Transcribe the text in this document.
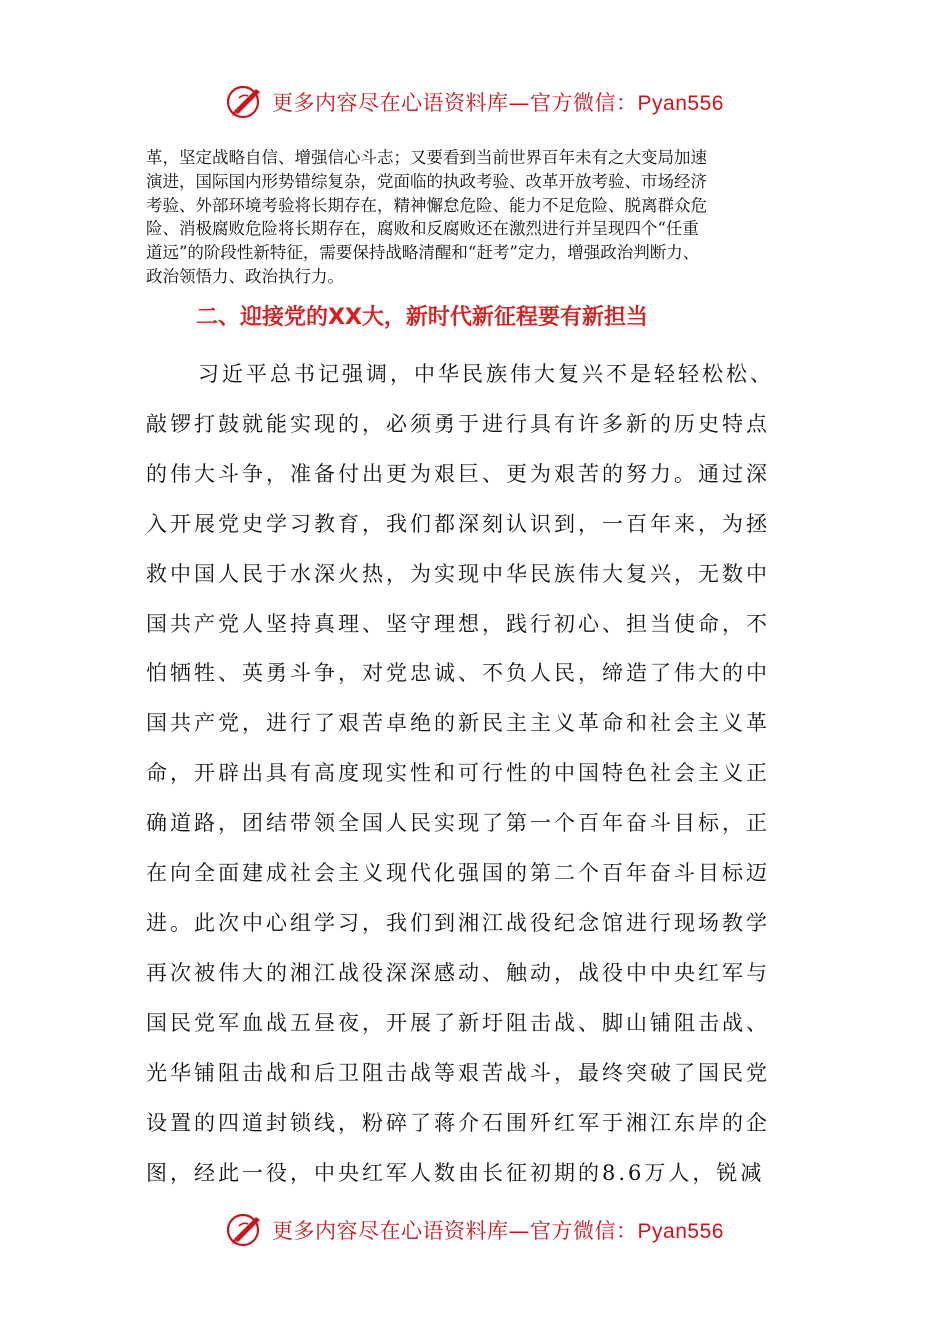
更多内容尽在心语资料库—官方微信：Pyan556
革，坚定战略自信、增强信心斗志；又要看到当前世界百年未有之大变局加速
演进，国际国内形势错综复杂，党面临的执政考验、改革开放考验、市场经济
考验、外部环境考验将长期存在，精神懈怠危险、能力不足危险、脱离群众危
险、消极腐败危险将长期存在，腐败和反腐败还在激烈进行并呈现四个“任重
道远”的阶段性新特征，需要保持战略清醒和“赶考”定力，增强政治判断力、
政治领悟力、政治执行力。
二、迎接党的XX大，新时代新征程要有新担当
习近平总书记强调，中华民族伟大复兴不是轻轻松松、
敲锣打鼓就能实现的，必须勇于进行具有许多新的历史特点
的伟大斗争，准备付出更为艰巨、更为艰苦的努力。通过深
入开展党史学习教育，我们都深刻认识到，一百年来，为拯
救中国人民于水深火热，为实现中华民族伟大复兴，无数中
国共产党人坚持真理、坚守理想，践行初心、担当使命，不
怕牺牲、英勇斗争，对党忠诚、不负人民，缔造了伟大的中
国共产党，进行了艰苦卓绝的新民主主义革命和社会主义革
命，开辟出具有高度现实性和可行性的中国特色社会主义正
确道路，团结带领全国人民实现了第一个百年奋斗目标，正
在向全面建成社会主义现代化强国的第二个百年奋斗目标迈
进。此次中心组学习，我们到湘江战役纪念馆进行现场教学
再次被伟大的湘江战役深深感动、触动，战役中中央红军与
国民党军血战五昼夜，开展了新圩阻击战、脚山铺阻击战、
光华铺阻击战和后卫阻击战等艰苦战斗，最终突破了国民党
设置的四道封锁线，粉碎了蒋介石围歼红军于湘江东岸的企
图，经此一役，中央红军人数由长征初期的8.6万人，锐减
更多内容尽在心语资料库—官方微信：Pyan556
